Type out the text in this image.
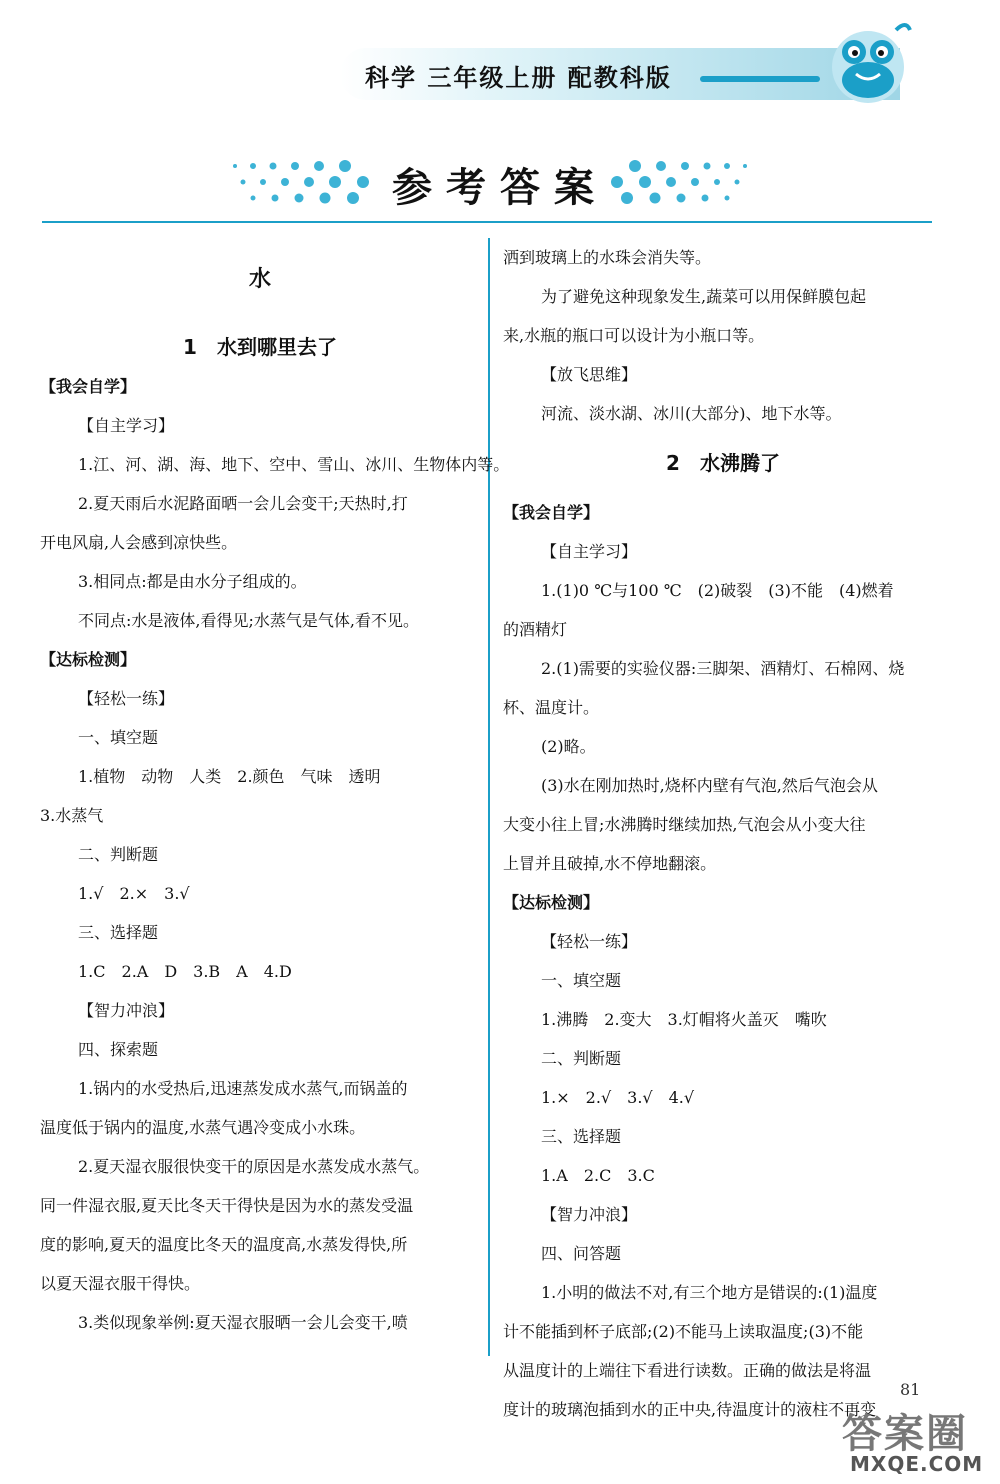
科学 三年级上册 配教科版
参考答案
水
1　水到哪里去了

【我会自学】

【自主学习】

1.江、河、湖、海、地下、空中、雪山、冰川、生物体内等。

2.夏天雨后水泥路面晒一会儿会变干;天热时,打

开电风扇,人会感到凉快些。

3.相同点:都是由水分子组成的。

不同点:水是液体,看得见;水蒸气是气体,看不见。

【达标检测】

【轻松一练】

一、填空题

1.植物　动物　人类　2.颜色　气味　透明

3.水蒸气

二、判断题

1.√　2.×　3.√

三、选择题

1.C　2.A　D　3.B　A　4.D

【智力冲浪】

四、探索题

1.锅内的水受热后,迅速蒸发成水蒸气,而锅盖的

温度低于锅内的温度,水蒸气遇冷变成小水珠。

2.夏天湿衣服很快变干的原因是水蒸发成水蒸气。

同一件湿衣服,夏天比冬天干得快是因为水的蒸发受温

度的影响,夏天的温度比冬天的温度高,水蒸发得快,所

以夏天湿衣服干得快。

3.类似现象举例:夏天湿衣服晒一会儿会变干,喷

洒到玻璃上的水珠会消失等。

为了避免这种现象发生,蔬菜可以用保鲜膜包起

来,水瓶的瓶口可以设计为小瓶口等。

【放飞思维】

河流、淡水湖、冰川(大部分)、地下水等。

2　水沸腾了

【我会自学】

【自主学习】

1.(1)0 ℃与100 ℃　(2)破裂　(3)不能　(4)燃着

的酒精灯

2.(1)需要的实验仪器:三脚架、酒精灯、石棉网、烧

杯、温度计。

(2)略。

(3)水在刚加热时,烧杯内壁有气泡,然后气泡会从

大变小往上冒;水沸腾时继续加热,气泡会从小变大往

上冒并且破掉,水不停地翻滚。

【达标检测】

【轻松一练】

一、填空题

1.沸腾　2.变大　3.灯帽将火盖灭　嘴吹

二、判断题

1.×　2.√　3.√　4.√

三、选择题

1.A　2.C　3.C

【智力冲浪】

四、问答题

1.小明的做法不对,有三个地方是错误的:(1)温度

计不能插到杯子底部;(2)不能马上读取温度;(3)不能

从温度计的上端往下看进行读数。正确的做法是将温

度计的玻璃泡插到水的正中央,待温度计的液柱不再变

81
答案圈
MXQE.COM
